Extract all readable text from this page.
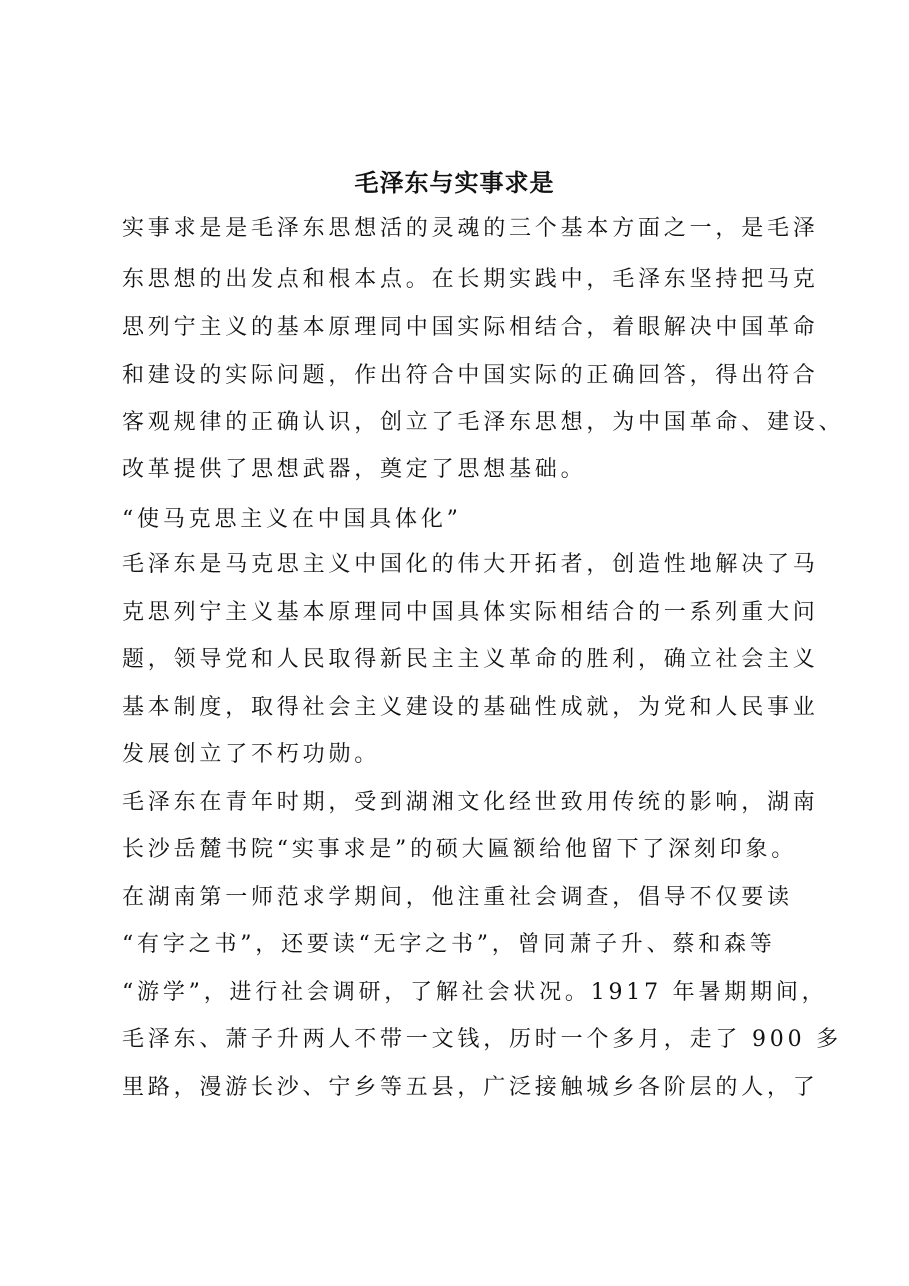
毛泽东与实事求是
实事求是是毛泽东思想活的灵魂的三个基本方面之一，是毛泽
东思想的出发点和根本点。在长期实践中，毛泽东坚持把马克
思列宁主义的基本原理同中国实际相结合，着眼解决中国革命
和建设的实际问题，作出符合中国实际的正确回答，得出符合
客观规律的正确认识，创立了毛泽东思想，为中国革命、建设、
改革提供了思想武器，奠定了思想基础。
“使马克思主义在中国具体化”
毛泽东是马克思主义中国化的伟大开拓者，创造性地解决了马
克思列宁主义基本原理同中国具体实际相结合的一系列重大问
题，领导党和人民取得新民主主义革命的胜利，确立社会主义
基本制度，取得社会主义建设的基础性成就，为党和人民事业
发展创立了不朽功勋。
毛泽东在青年时期，受到湖湘文化经世致用传统的影响，湖南
长沙岳麓书院“实事求是”的硕大匾额给他留下了深刻印象。
在湖南第一师范求学期间，他注重社会调查，倡导不仅要读
“有字之书”，还要读“无字之书”，曾同萧子升、蔡和森等
“游学”，进行社会调研，了解社会状况。1917 年暑期期间，
毛泽东、萧子升两人不带一文钱，历时一个多月，走了 900 多
里路，漫游长沙、宁乡等五县，广泛接触城乡各阶层的人，了
